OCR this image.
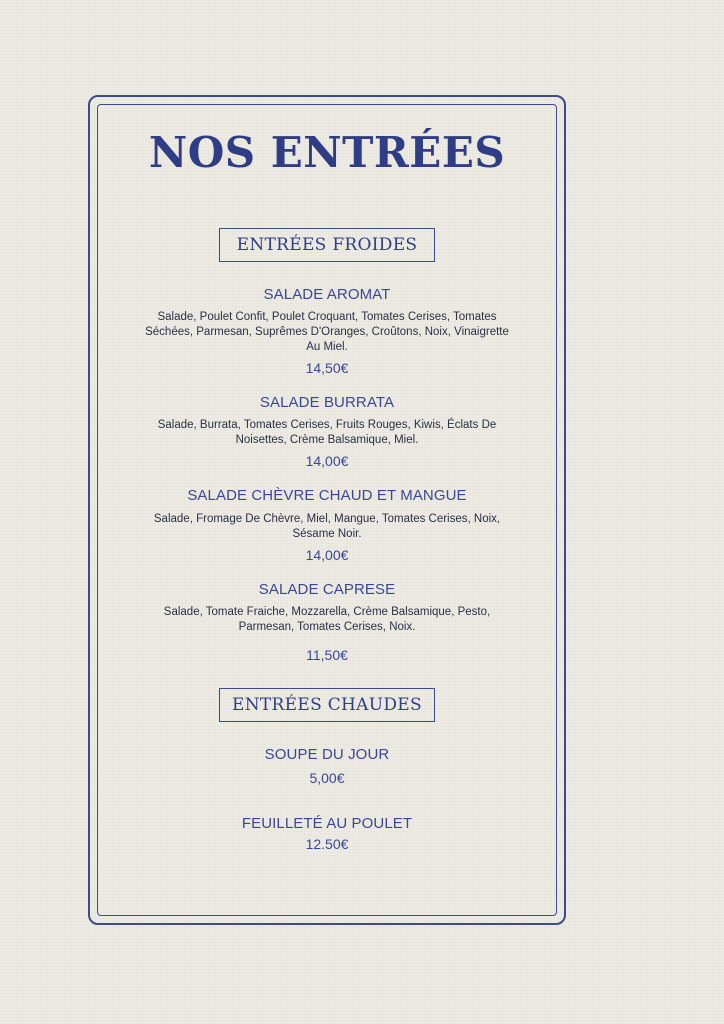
NOS ENTRÉES
ENTRÉES FROIDES
SALADE AROMAT
Salade, Poulet Confit, Poulet Croquant, Tomates Cerises, Tomates
Séchées, Parmesan, Suprêmes D'Oranges, Croûtons, Noix, Vinaigrette
Au Miel.
14,50€
SALADE BURRATA
Salade, Burrata, Tomates Cerises, Fruits Rouges, Kiwis, Éclats De
Noisettes, Crème Balsamique, Miel.
14,00€
SALADE CHÈVRE CHAUD ET MANGUE
Salade, Fromage De Chèvre, Miel, Mangue, Tomates Cerises, Noix,
Sésame Noir.
14,00€
SALADE CAPRESE
Salade, Tomate Fraiche, Mozzarella, Crème Balsamique, Pesto,
Parmesan, Tomates Cerises, Noix.
11,50€
ENTRÉES CHAUDES
SOUPE DU JOUR
5,00€
FEUILLETÉ AU POULET
12.50€
